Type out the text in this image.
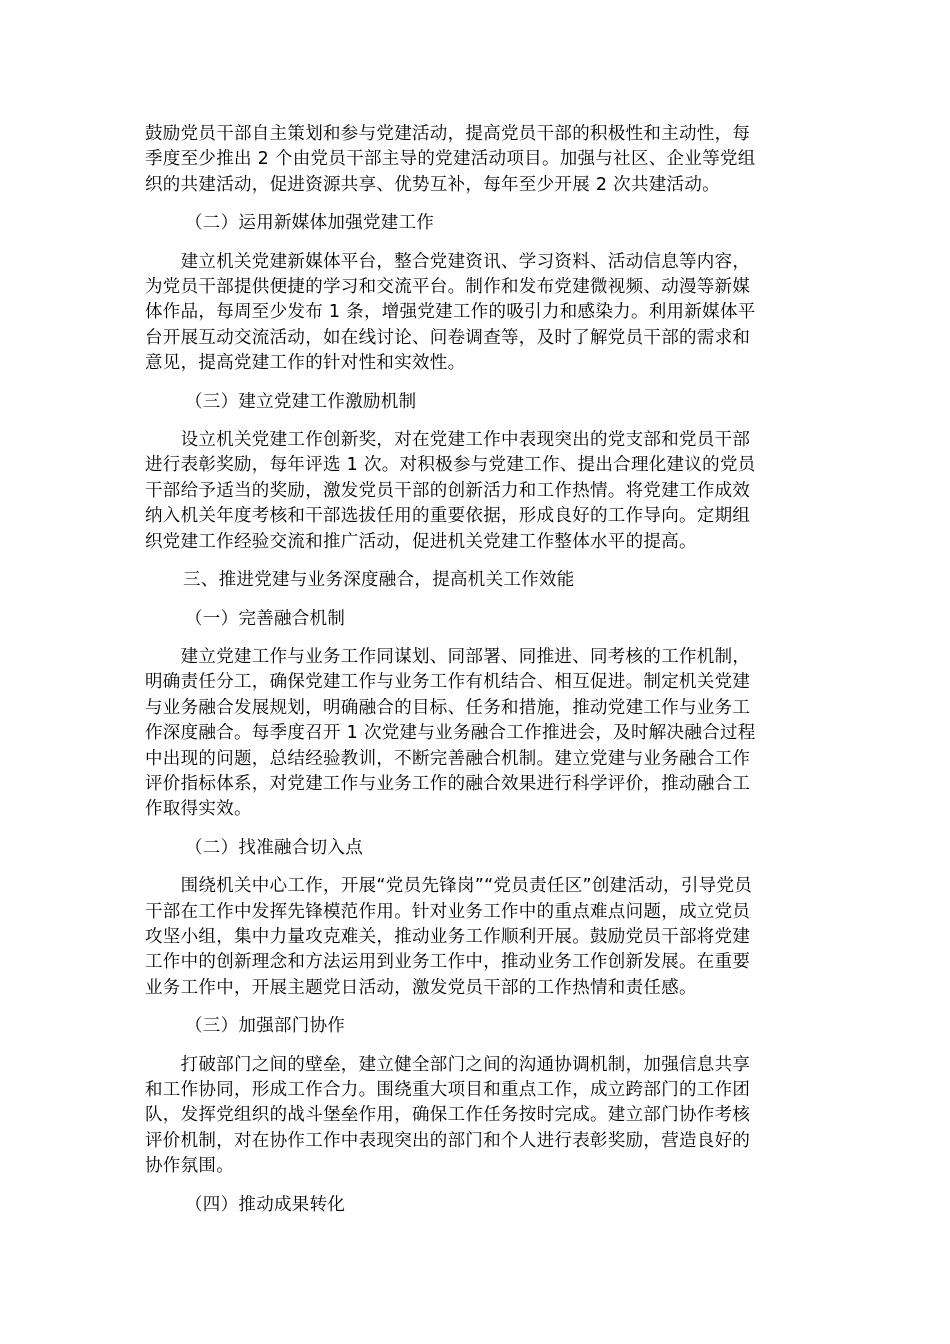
鼓励党员干部自主策划和参与党建活动，提高党员干部的积极性和主动性，每
季度至少推出 2 个由党员干部主导的党建活动项目。加强与社区、企业等党组
织的共建活动，促进资源共享、优势互补，每年至少开展 2 次共建活动。

（二）运用新媒体加强党建工作

　　建立机关党建新媒体平台，整合党建资讯、学习资料、活动信息等内容，
为党员干部提供便捷的学习和交流平台。制作和发布党建微视频、动漫等新媒
体作品，每周至少发布 1 条，增强党建工作的吸引力和感染力。利用新媒体平
台开展互动交流活动，如在线讨论、问卷调查等，及时了解党员干部的需求和
意见，提高党建工作的针对性和实效性。

（三）建立党建工作激励机制

　　设立机关党建工作创新奖，对在党建工作中表现突出的党支部和党员干部
进行表彰奖励，每年评选 1 次。对积极参与党建工作、提出合理化建议的党员
干部给予适当的奖励，激发党员干部的创新活力和工作热情。将党建工作成效
纳入机关年度考核和干部选拔任用的重要依据，形成良好的工作导向。定期组
织党建工作经验交流和推广活动，促进机关党建工作整体水平的提高。

三、推进党建与业务深度融合，提高机关工作效能
（一）完善融合机制

　　建立党建工作与业务工作同谋划、同部署、同推进、同考核的工作机制，
明确责任分工，确保党建工作与业务工作有机结合、相互促进。制定机关党建
与业务融合发展规划，明确融合的目标、任务和措施，推动党建工作与业务工
作深度融合。每季度召开 1 次党建与业务融合工作推进会，及时解决融合过程
中出现的问题，总结经验教训，不断完善融合机制。建立党建与业务融合工作
评价指标体系，对党建工作与业务工作的融合效果进行科学评价，推动融合工
作取得实效。

（二）找准融合切入点

　　围绕机关中心工作，开展“党员先锋岗”“党员责任区”创建活动，引导党员
干部在工作中发挥先锋模范作用。针对业务工作中的重点难点问题，成立党员
攻坚小组，集中力量攻克难关，推动业务工作顺利开展。鼓励党员干部将党建
工作中的创新理念和方法运用到业务工作中，推动业务工作创新发展。在重要
业务工作中，开展主题党日活动，激发党员干部的工作热情和责任感。

（三）加强部门协作

　　打破部门之间的壁垒，建立健全部门之间的沟通协调机制，加强信息共享
和工作协同，形成工作合力。围绕重大项目和重点工作，成立跨部门的工作团
队，发挥党组织的战斗堡垒作用，确保工作任务按时完成。建立部门协作考核
评价机制，对在协作工作中表现突出的部门和个人进行表彰奖励，营造良好的
协作氛围。

（四）推动成果转化
